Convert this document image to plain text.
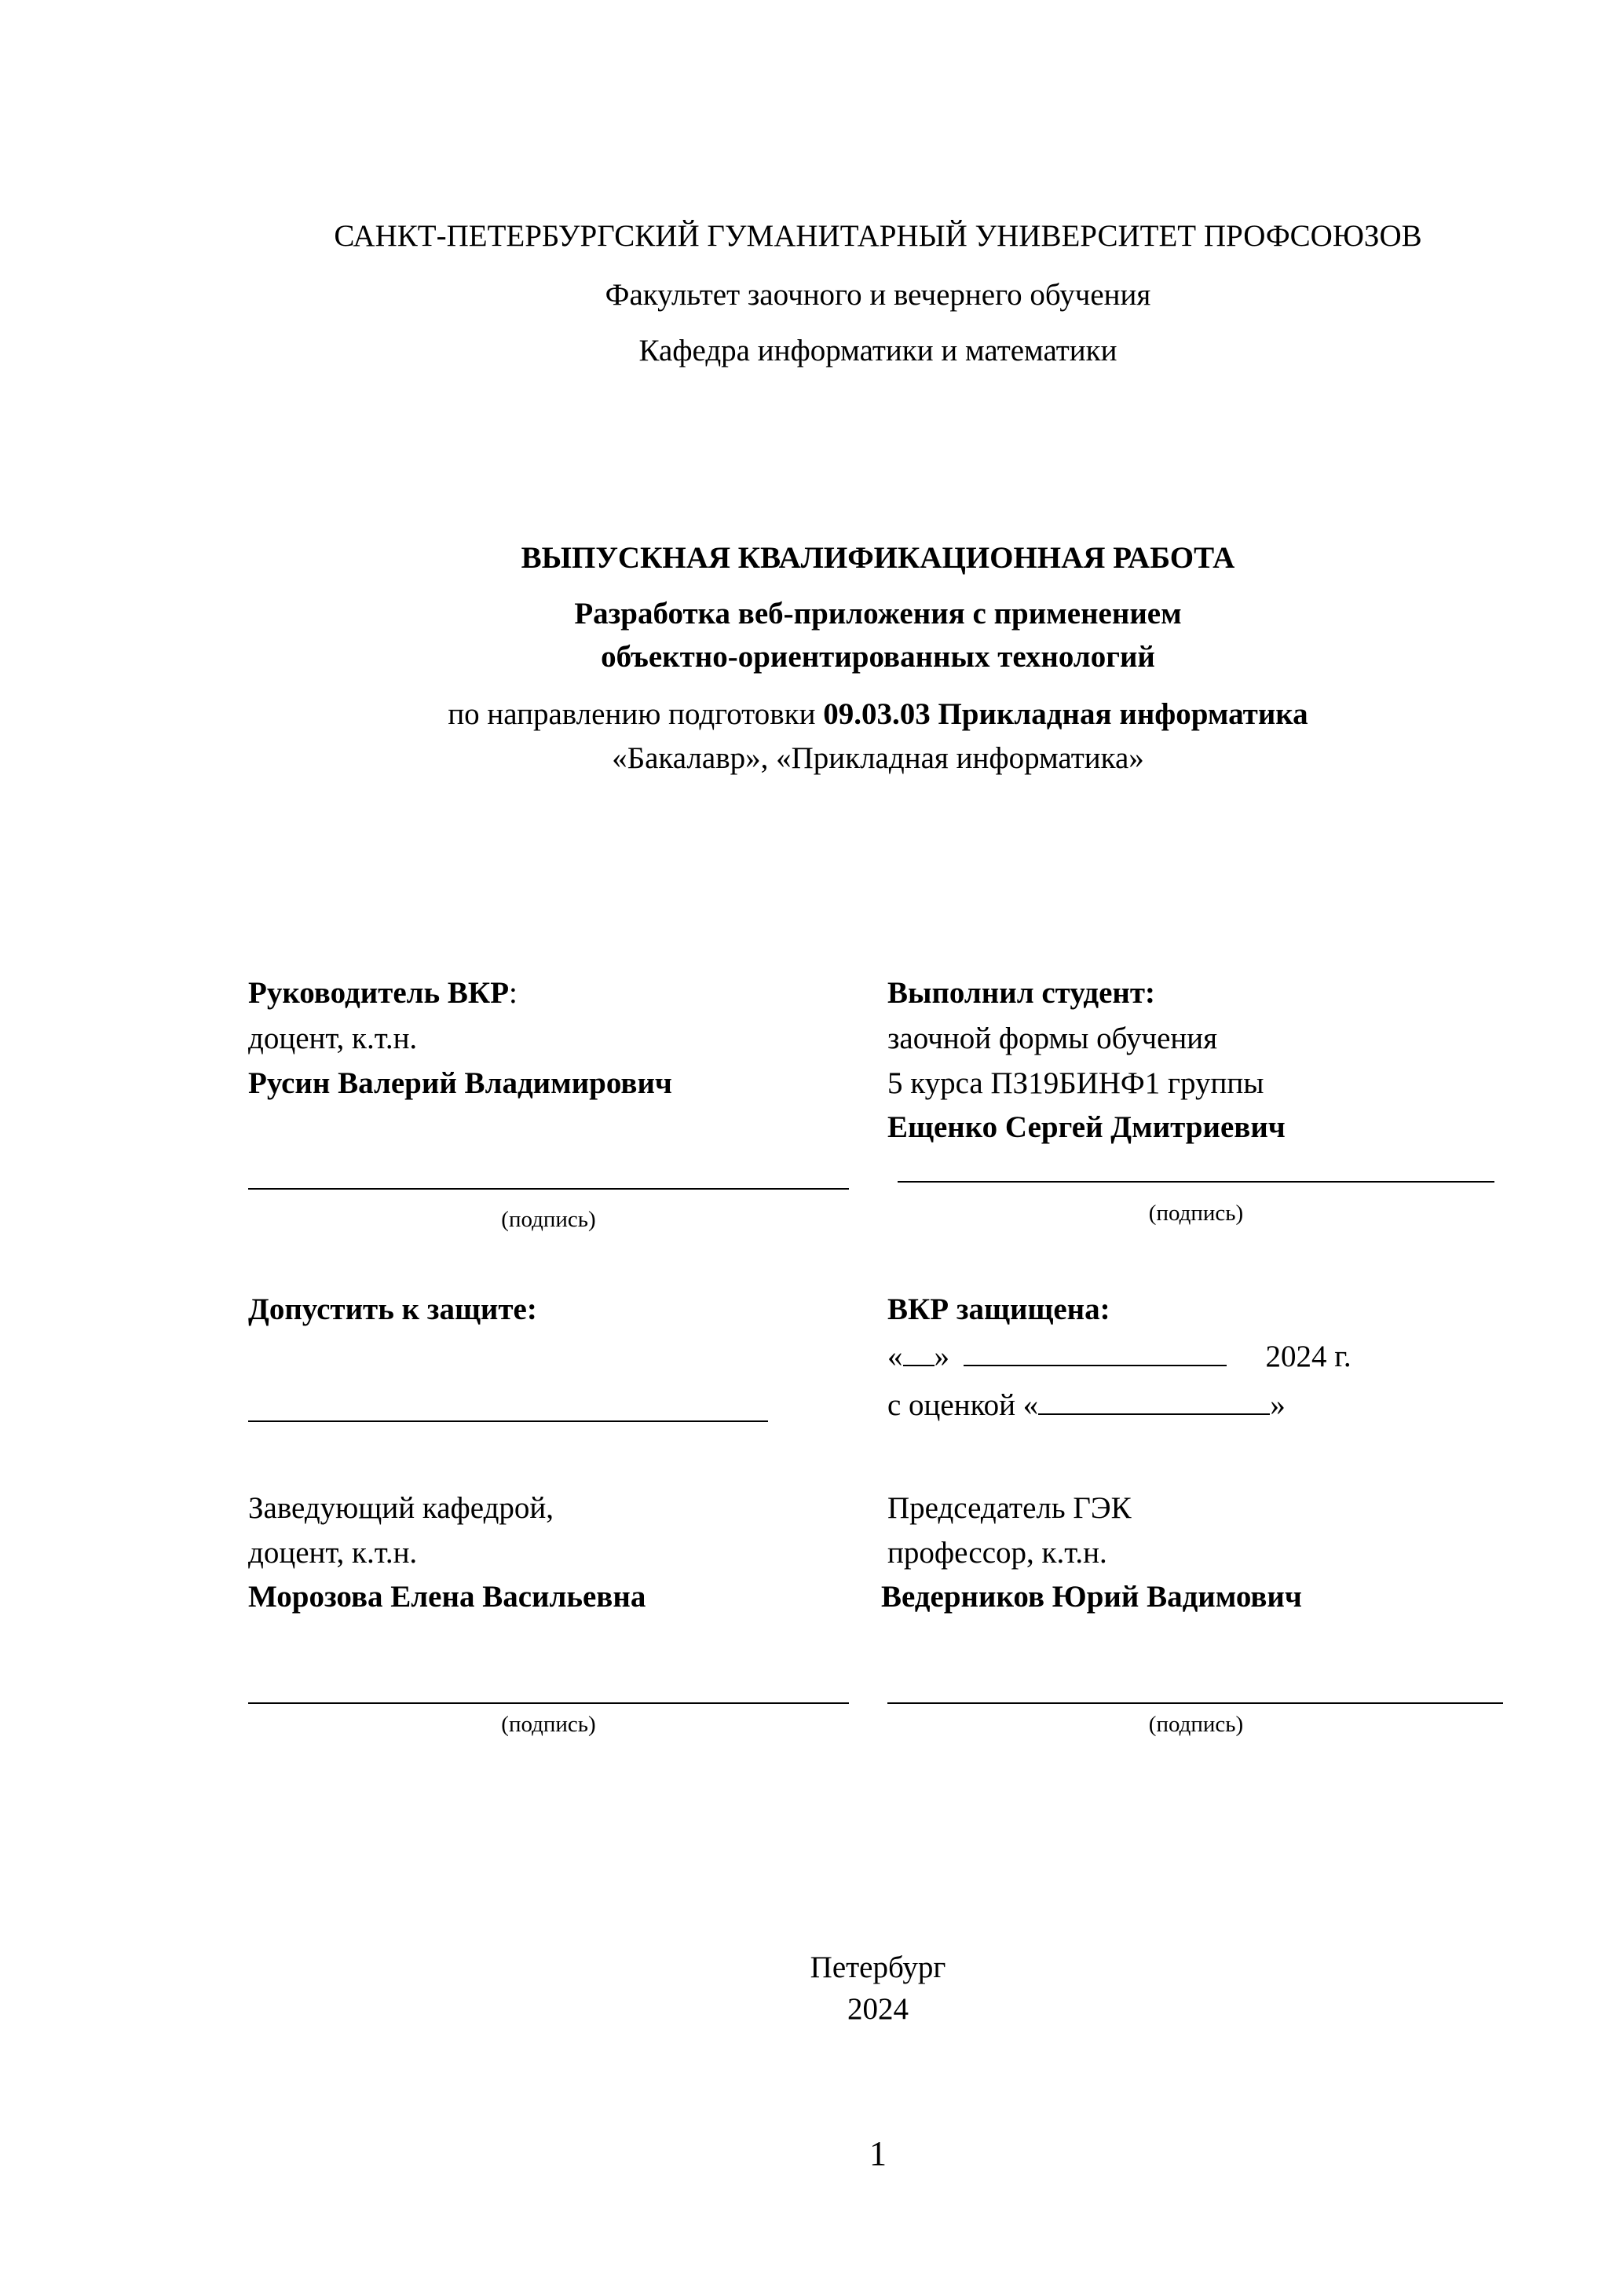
САНКТ-ПЕТЕРБУРГСКИЙ ГУМАНИТАРНЫЙ УНИВЕРСИТЕТ ПРОФСОЮЗОВ
Факультет заочного и вечернего обучения
Кафедра информатики и математики
ВЫПУСКНАЯ КВАЛИФИКАЦИОННАЯ РАБОТА
Разработка веб-приложения с применением
объектно-ориентированных технологий
по направлению подготовки 09.03.03 Прикладная информатика
«Бакалавр», «Прикладная информатика»
Руководитель ВКР:
доцент, к.т.н.
Русин Валерий Владимирович
(подпись)
Выполнил студент:
заочной формы обучения
5 курса ПЗ19БИНФ1 группы
Ещенко Сергей Дмитриевич
(подпись)
Допустить к защите:	ВКР защищена:
« »	2024 г.
с оценкой «	»
Заведующий кафедрой,
доцент, к.т.н.
Морозова Елена Васильевна
(подпись)
Председатель ГЭК
профессор, к.т.н.
Ведерников Юрий Вадимович
(подпись)
Петербург
2024
1
